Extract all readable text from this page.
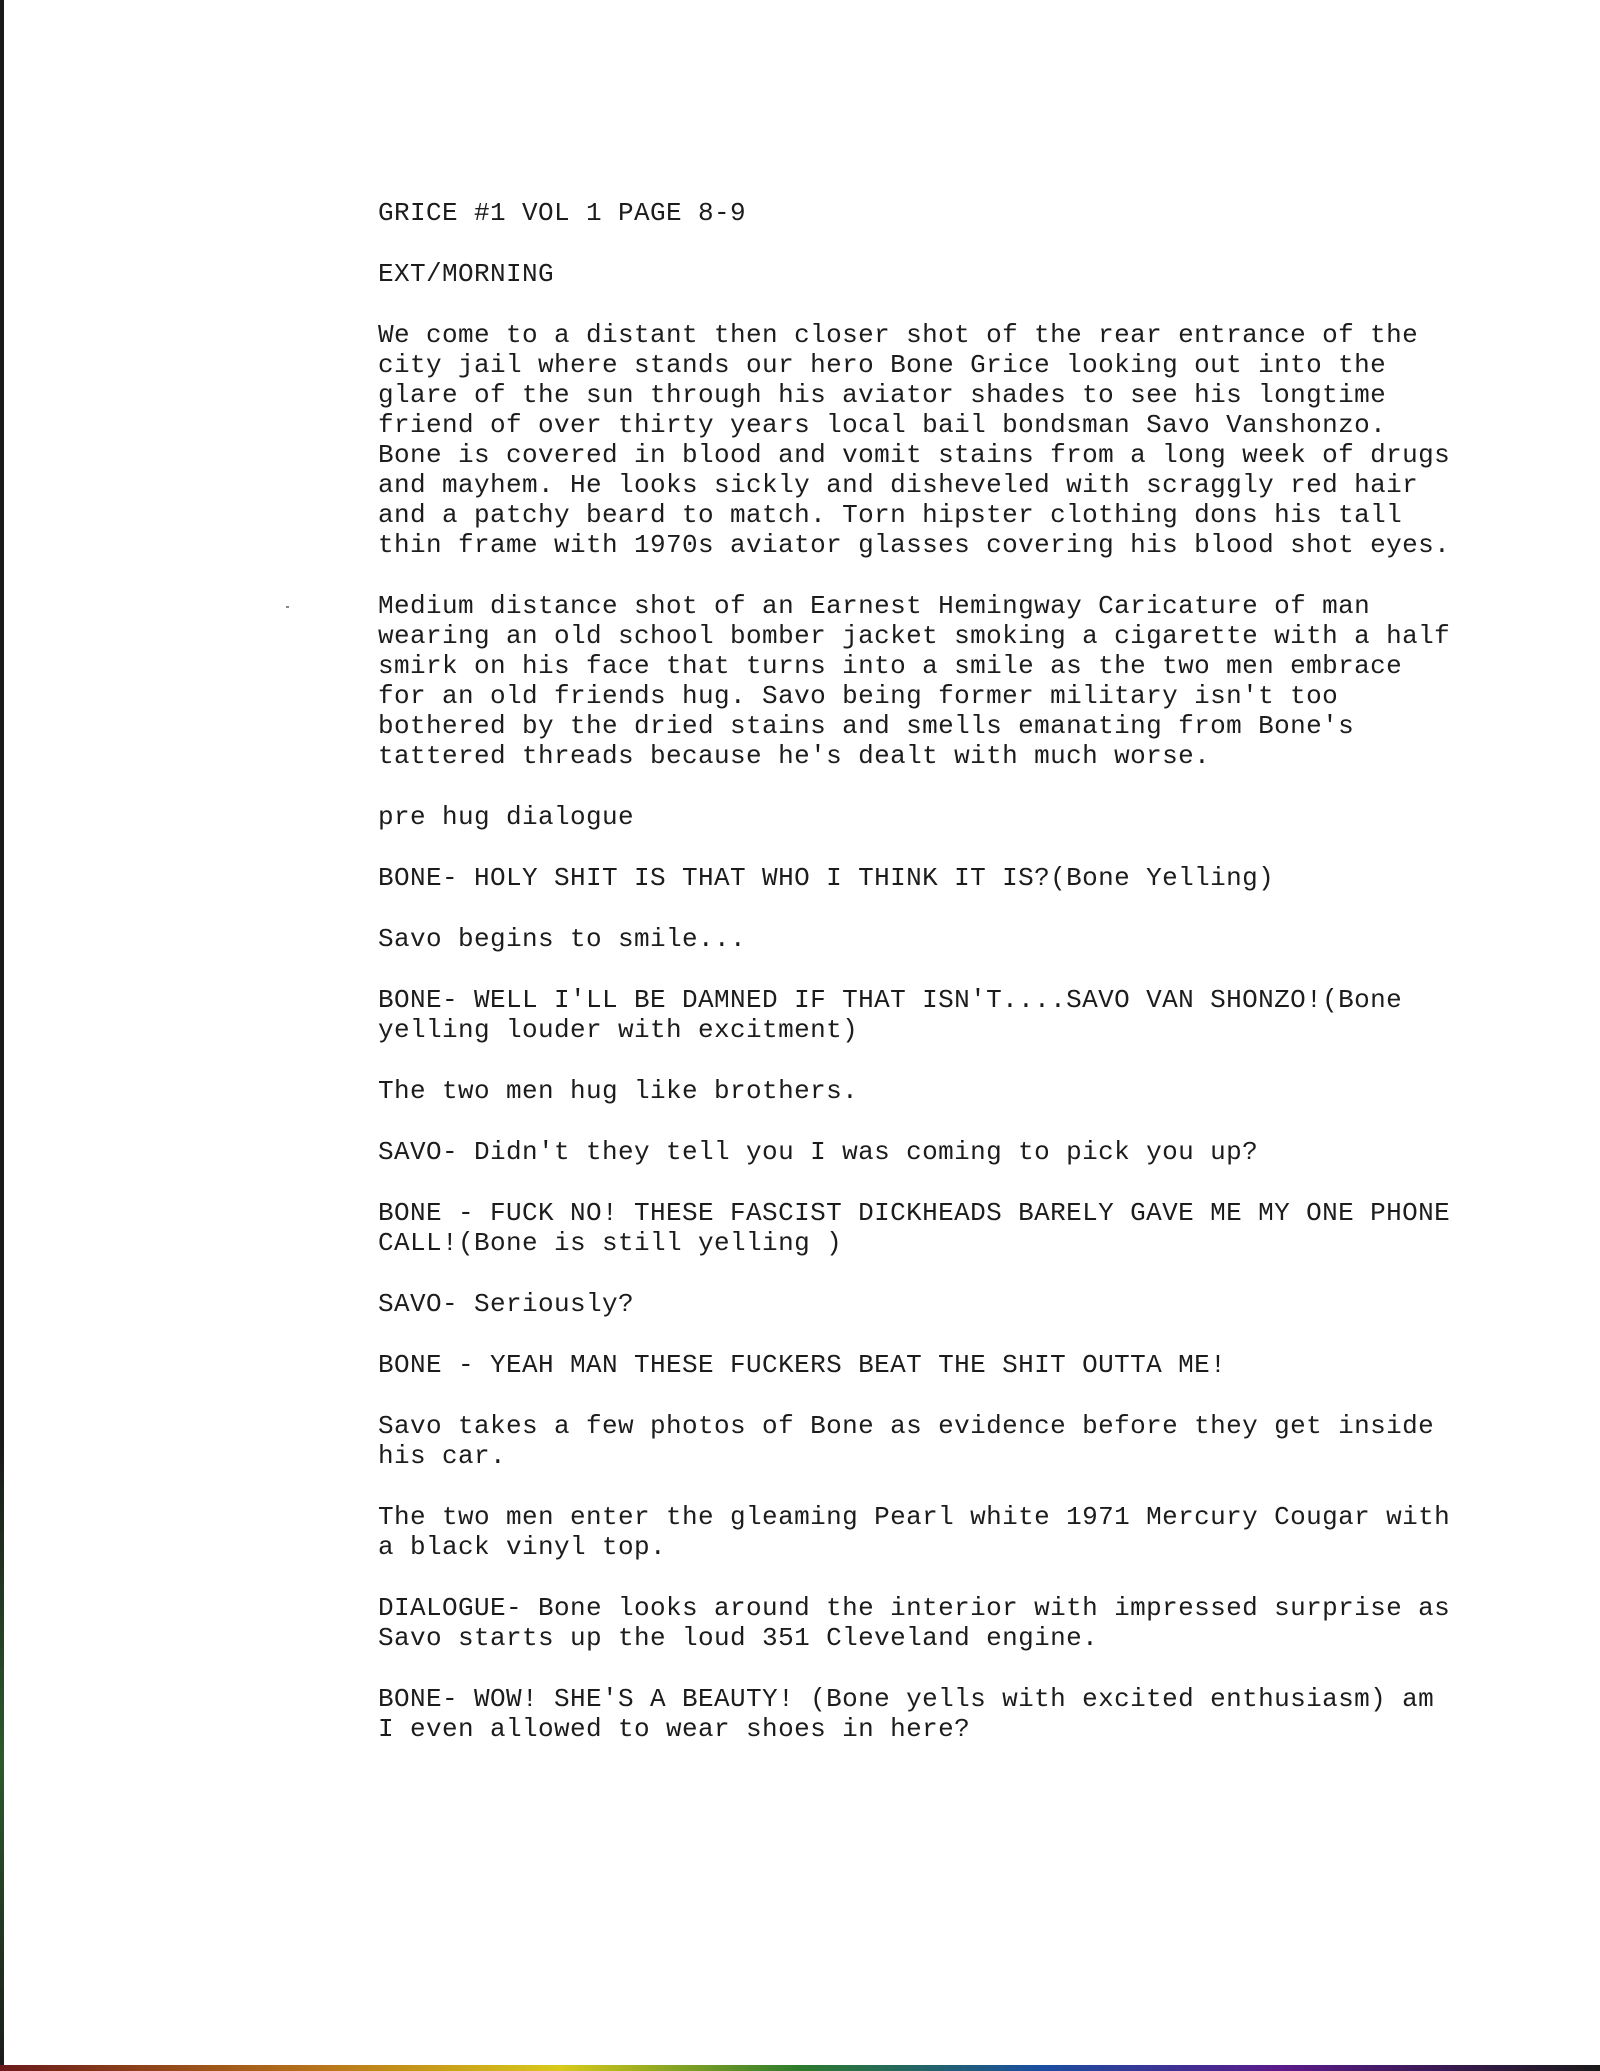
GRICE #1 VOL 1 PAGE 8-9

EXT/MORNING

We come to a distant then closer shot of the rear entrance of the city jail where stands our hero Bone Grice looking out into the glare of the sun through his aviator shades to see his longtime friend of over thirty years local bail bondsman Savo Vanshonzo. Bone is covered in blood and vomit stains from a long week of drugs and mayhem. He looks sickly and disheveled with scraggly red hair and a patchy beard to match. Torn hipster clothing dons his tall thin frame with 1970s aviator glasses covering his blood shot eyes.

Medium distance shot of an Earnest Hemingway Caricature of man wearing an old school bomber jacket smoking a cigarette with a half smirk on his face that turns into a smile as the two men embrace for an old friends hug. Savo being former military isn't too bothered by the dried stains and smells emanating from Bone's tattered threads because he's dealt with much worse.

pre hug dialogue

BONE- HOLY SHIT IS THAT WHO I THINK IT IS?(Bone Yelling)

Savo begins to smile...

BONE- WELL I'LL BE DAMNED IF THAT ISN'T....SAVO VAN SHONZO!(Bone yelling louder with excitment)

The two men hug like brothers.

SAVO- Didn't they tell you I was coming to pick you up?

BONE - FUCK NO! THESE FASCIST DICKHEADS BARELY GAVE ME MY ONE PHONE CALL!(Bone is still yelling )

SAVO- Seriously?

BONE - YEAH MAN THESE FUCKERS BEAT THE SHIT OUTTA ME!

Savo takes a few photos of Bone as evidence before they get inside his car.

The two men enter the gleaming Pearl white 1971 Mercury Cougar with a black vinyl top.

DIALOGUE- Bone looks around the interior with impressed surprise as Savo starts up the loud 351 Cleveland engine.

BONE- WOW! SHE'S A BEAUTY! (Bone yells with excited enthusiasm) am I even allowed to wear shoes in here?
